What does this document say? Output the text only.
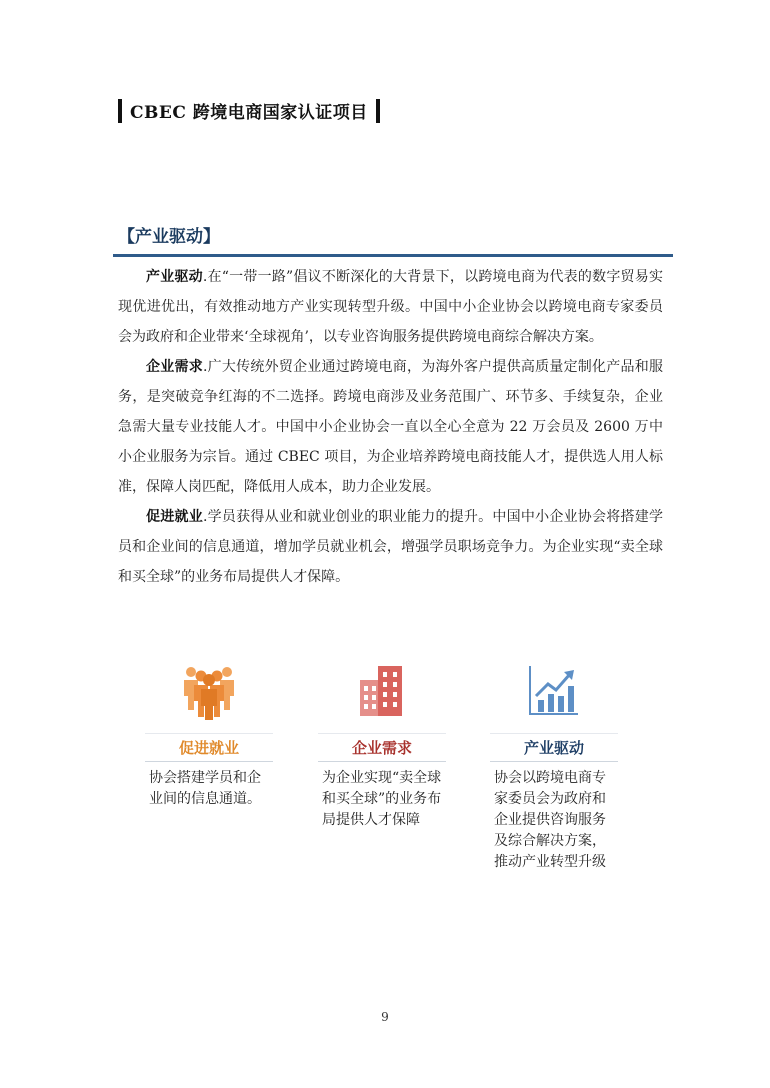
CBEC 跨境电商国家认证项目
【产业驱动】

产业驱动.在“一带一路”倡议不断深化的大背景下，以跨境电商为代表的数字贸易实现优进优出，有效推动地方产业实现转型升级。中国中小企业协会以跨境电商专家委员会为政府和企业带来‘全球视角’，以专业咨询服务提供跨境电商综合解决方案。

企业需求.广大传统外贸企业通过跨境电商，为海外客户提供高质量定制化产品和服务，是突破竞争红海的不二选择。跨境电商涉及业务范围广、环节多、手续复杂，企业急需大量专业技能人才。中国中小企业协会一直以全心全意为 22 万会员及 2600 万中小企业服务为宗旨。通过 CBEC 项目，为企业培养跨境电商技能人才，提供选人用人标准，保障人岗匹配，降低用人成本，助力企业发展。

促进就业.学员获得从业和就业创业的职业能力的提升。中国中小企业协会将搭建学员和企业间的信息通道，增加学员就业机会，增强学员职场竞争力。为企业实现“卖全球和买全球”的业务布局提供人才保障。

促进就业
协会搭建学员和企业间的信息通道。
企业需求
为企业实现“卖全球和买全球”的业务布局提供人才保障
产业驱动
协会以跨境电商专家委员会为政府和企业提供咨询服务及综合解决方案，推动产业转型升级
9
